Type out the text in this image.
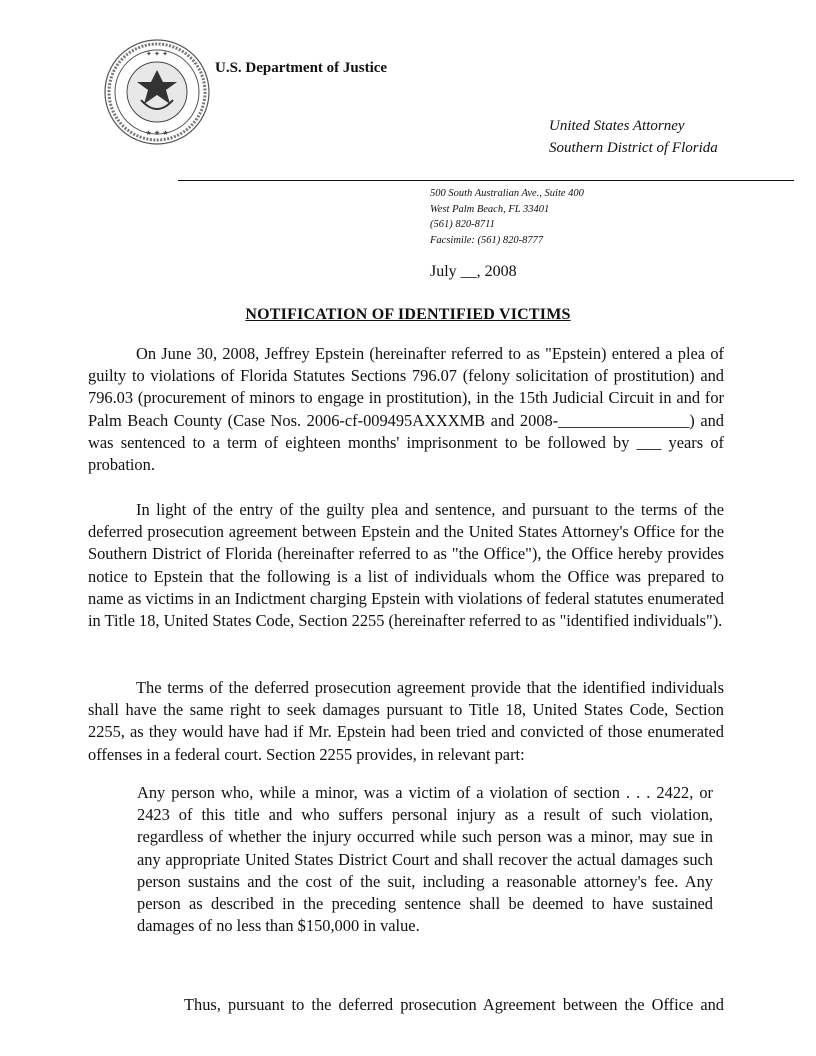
✦ ✦ ✦
★ ★ ★
U.S. Department of Justice
United States Attorney
Southern District of Florida
500 South Australian Ave., Suite 400
West Palm Beach, FL 33401
(561) 820-8711
Facsimile: (561) 820-8777
July __, 2008
NOTIFICATION OF IDENTIFIED VICTIMS

On June 30, 2008, Jeffrey Epstein (hereinafter referred to as "Epstein) entered a plea of guilty to violations of Florida Statutes Sections 796.07 (felony solicitation of prostitution) and 796.03 (procurement of minors to engage in prostitution), in the 15th Judicial Circuit in and for Palm Beach County (Case Nos. 2006-cf-009495AXXXMB and 2008-________________) and was sentenced to a term of eighteen months' imprisonment to be followed by ___ years of probation.

In light of the entry of the guilty plea and sentence, and pursuant to the terms of the deferred prosecution agreement between Epstein and the United States Attorney's Office for the Southern District of Florida (hereinafter referred to as "the Office"), the Office hereby provides notice to Epstein that the following is a list of individuals whom the Office was prepared to name as victims in an Indictment charging Epstein with violations of federal statutes enumerated in Title 18, United States Code, Section 2255 (hereinafter referred to as "identified individuals").

The terms of the deferred prosecution agreement provide that the identified individuals shall have the same right to seek damages pursuant to Title 18, United States Code, Section 2255, as they would have had if Mr. Epstein had been tried and convicted of those enumerated offenses in a federal court. Section 2255 provides, in relevant part:

Any person who, while a minor, was a victim of a violation of section . . . 2422, or 2423 of this title and who suffers personal injury as a result of such violation, regardless of whether the injury occurred while such person was a minor, may sue in any appropriate United States District Court and shall recover the actual damages such person sustains and the cost of the suit, including a reasonable attorney's fee. Any person as described in the preceding sentence shall be deemed to have sustained damages of no less than $150,000 in value.

Thus, pursuant to the deferred prosecution Agreement between the Office and
